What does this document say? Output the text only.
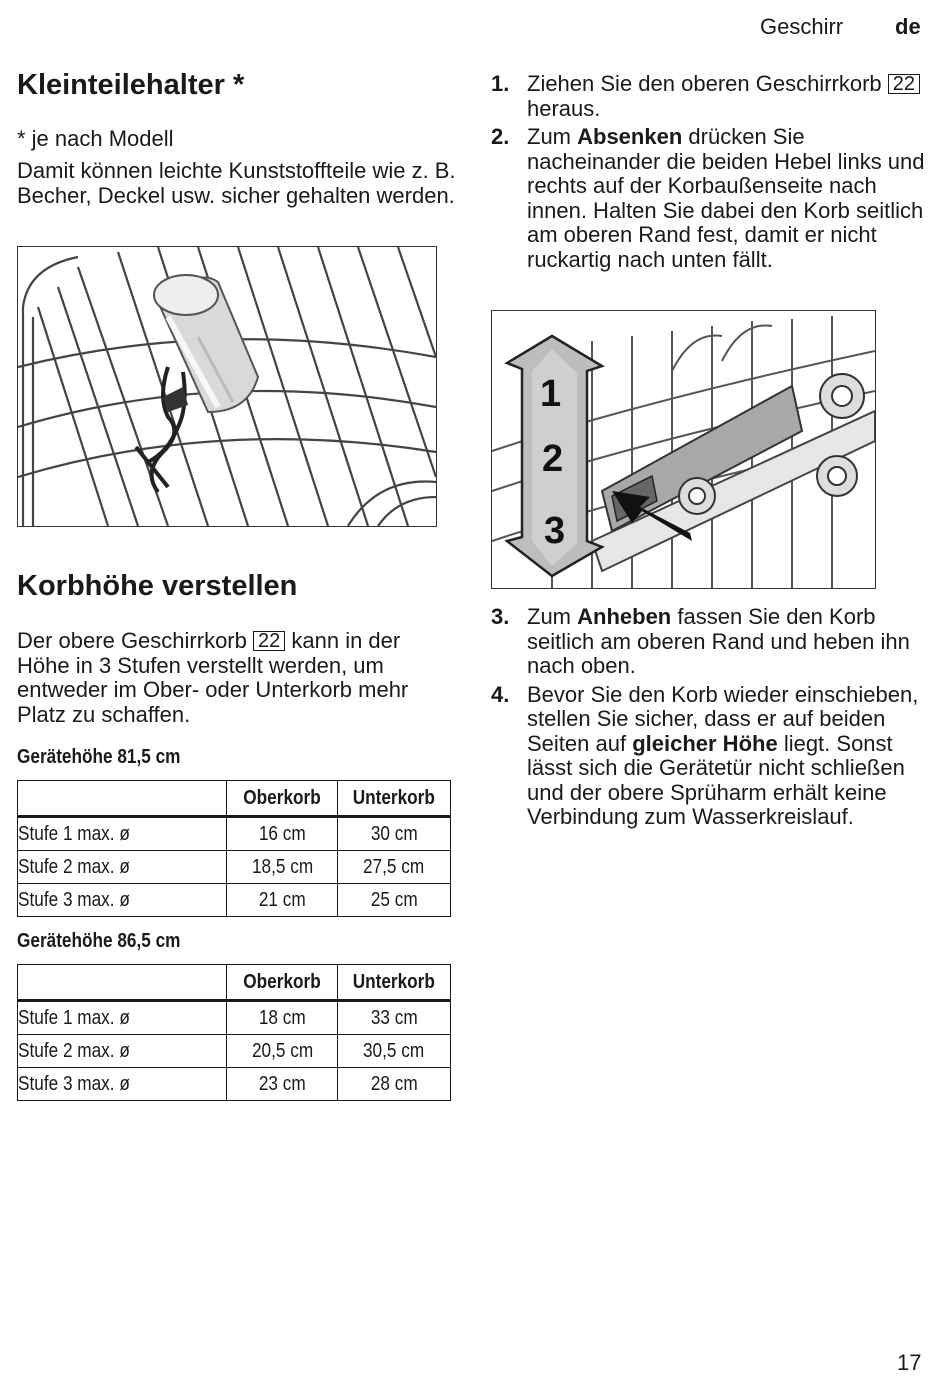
Geschirr de
Kleinteilehalter *

* je nach Modell

Damit können leichte Kunststoffteile wie z. B. Becher, Deckel usw. sicher gehalten werden.

Korbhöhe verstellen

Der obere Geschirrkorb 22 kann in der Höhe in 3 Stufen verstellt werden, um entweder im Ober- oder Unterkorb mehr Platz zu schaffen.

Gerätehöhe 81,5 cm
	Oberkorb	Unterkorb
Stufe 1 max. ø	16 cm	30 cm
Stufe 2 max. ø	18,5 cm	27,5 cm
Stufe 3 max. ø	21 cm	25 cm
Gerätehöhe 86,5 cm
	Oberkorb	Unterkorb
Stufe 1 max. ø	18 cm	33 cm
Stufe 2 max. ø	20,5 cm	30,5 cm
Stufe 3 max. ø	23 cm	28 cm
1. Ziehen Sie den oberen Geschirrkorb 22 heraus.
2. Zum Absenken drücken Sie nacheinander die beiden Hebel links und rechts auf der Korbaußenseite nach innen. Halten Sie dabei den Korb seitlich am oberen Rand fest, damit er nicht ruckartig nach unten fällt.
1
2
3
3. Zum Anheben fassen Sie den Korb seitlich am oberen Rand und heben ihn nach oben.
4. Bevor Sie den Korb wieder einschieben, stellen Sie sicher, dass er auf beiden Seiten auf gleicher Höhe liegt. Sonst lässt sich die Gerätetür nicht schließen und der obere Sprüharm erhält keine Verbindung zum Wasserkreislauf.
17
